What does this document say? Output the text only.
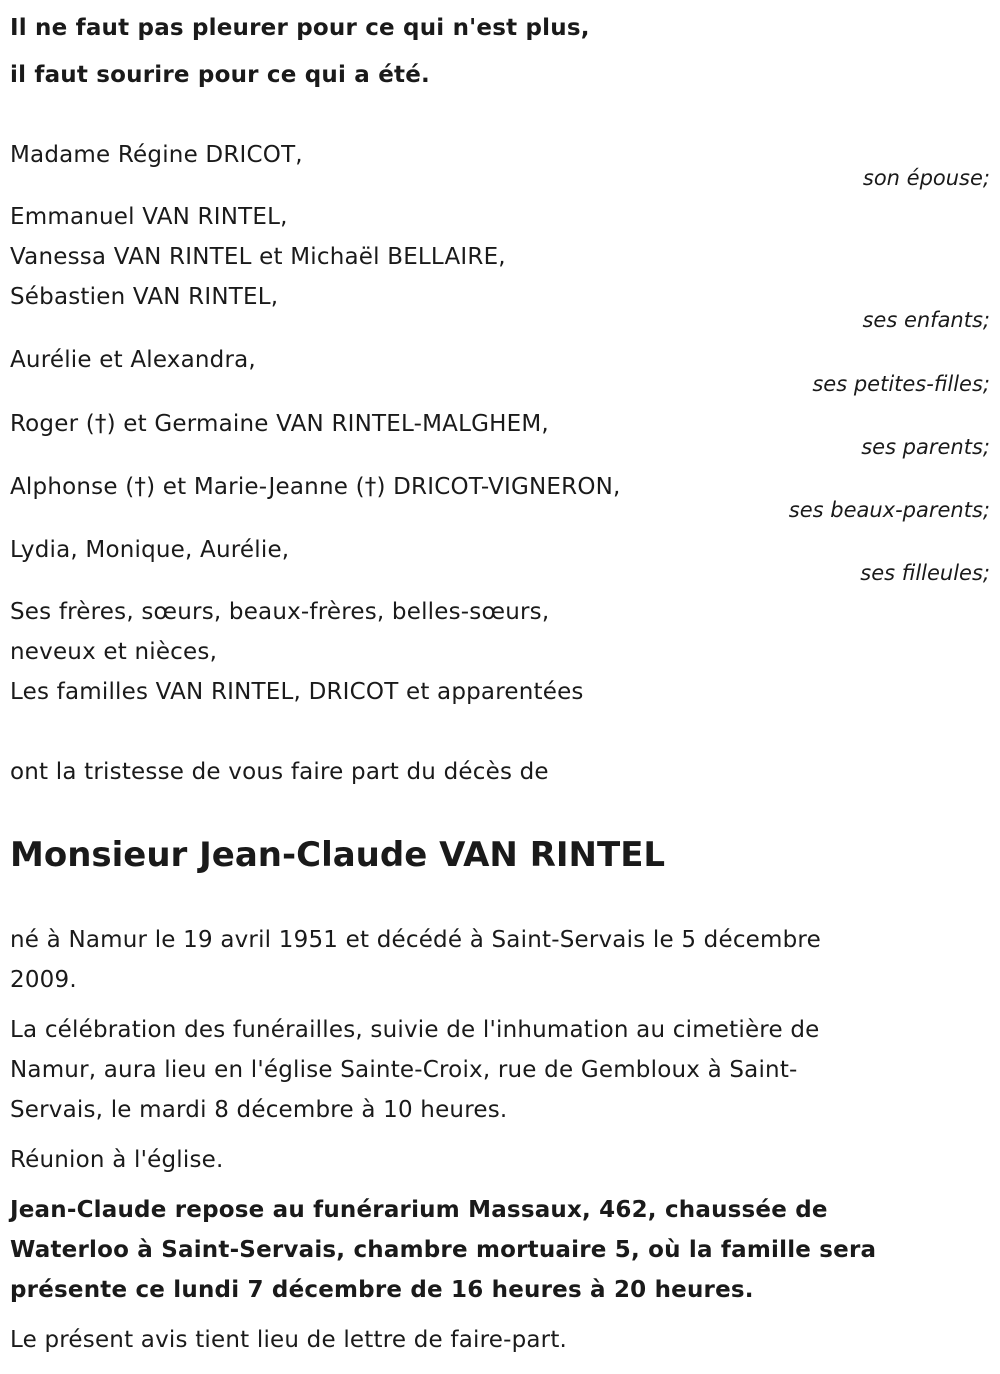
Il ne faut pas pleurer pour ce qui n'est plus,
il faut sourire pour ce qui a été.
Madame Régine DRICOT,
son épouse;
Emmanuel VAN RINTEL,
Vanessa VAN RINTEL et Michaël BELLAIRE,
Sébastien VAN RINTEL,
ses enfants;
Aurélie et Alexandra,
ses petites-filles;
Roger (†) et Germaine VAN RINTEL-MALGHEM,
ses parents;
Alphonse (†) et Marie-Jeanne (†) DRICOT-VIGNERON,
ses beaux-parents;
Lydia, Monique, Aurélie,
ses filleules;
Ses frères, sœurs, beaux-frères, belles-sœurs,
neveux et nièces,
Les familles VAN RINTEL, DRICOT et apparentées
ont la tristesse de vous faire part du décès de
Monsieur Jean-Claude VAN RINTEL
né à Namur le 19 avril 1951 et décédé à Saint-Servais le 5 décembre
2009.
La célébration des funérailles, suivie de l'inhumation au cimetière de
Namur, aura lieu en l'église Sainte-Croix, rue de Gembloux à Saint-
Servais, le mardi 8 décembre à 10 heures.
Réunion à l'église.
Jean-Claude repose au funérarium Massaux, 462, chaussée de
Waterloo à Saint-Servais, chambre mortuaire 5, où la famille sera
présente ce lundi 7 décembre de 16 heures à 20 heures.
Le présent avis tient lieu de lettre de faire-part.
